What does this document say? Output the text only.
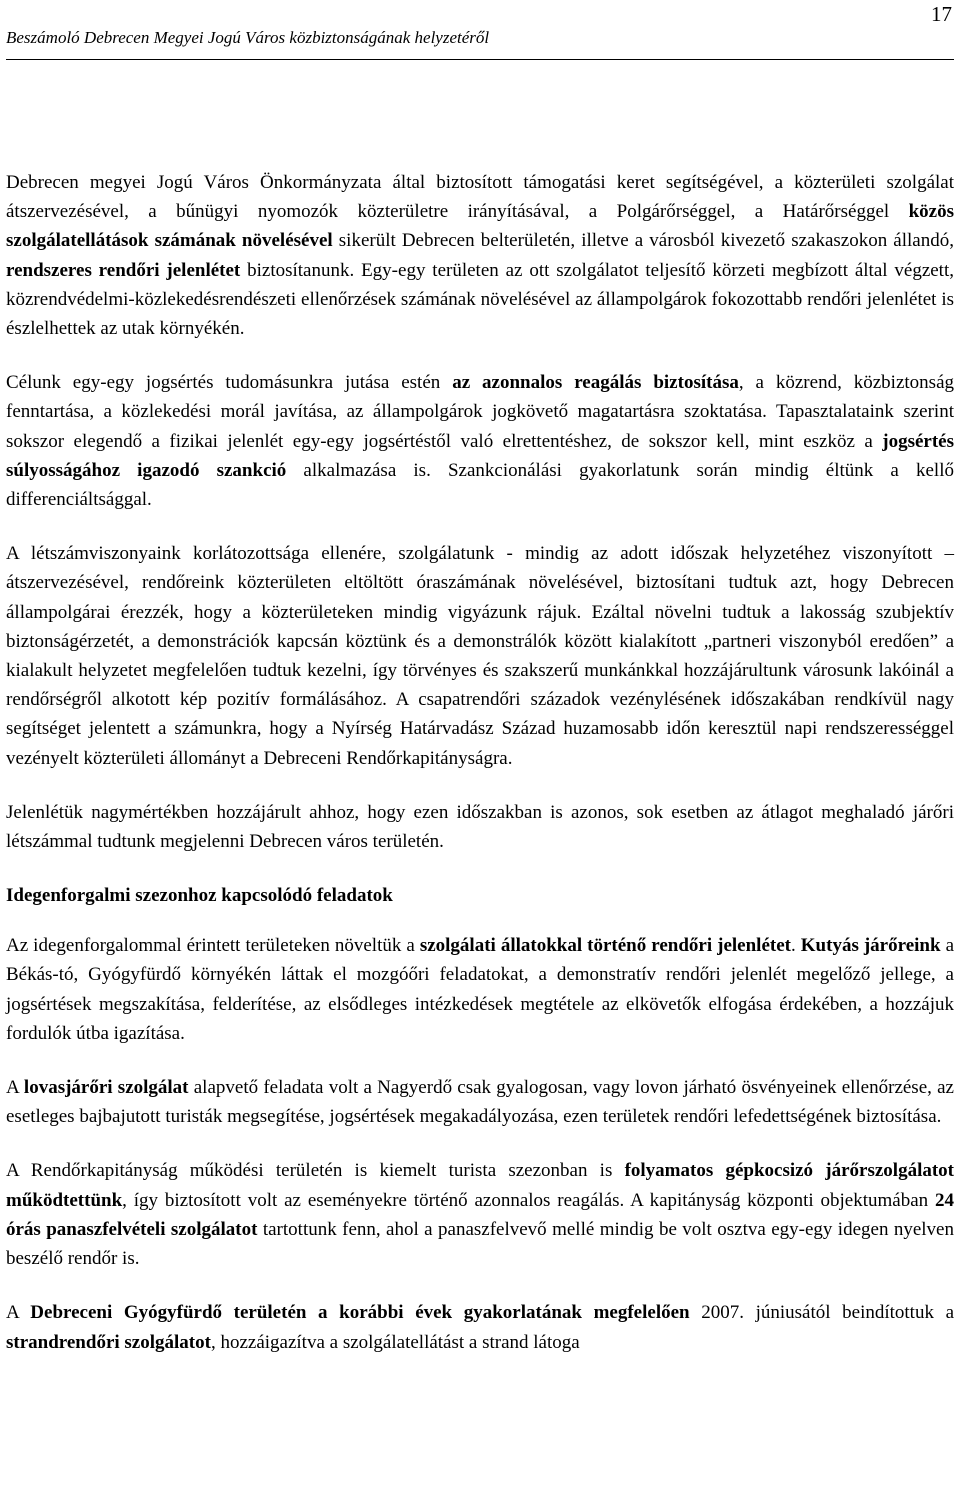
17
Beszámoló Debrecen Megyei Jogú Város közbiztonságának helyzetéről

Debrecen megyei Jogú Város Önkormányzata által biztosított támogatási keret segítségével, a közterületi szolgálat átszervezésével, a bűnügyi nyomozók közterületre irányításával, a Polgárőrséggel, a Határőrséggel közös szolgálatellátások számának növelésével sikerült Debrecen belterületén, illetve a városból kivezető szakaszokon állandó, rendszeres rendőri jelenlétet biztosítanunk. Egy-egy területen az ott szolgálatot teljesítő körzeti megbízott által végzett, közrendvédelmi-közlekedésrendészeti ellenőrzések számának növelésével az állampolgárok fokozottabb rendőri jelenlétet is észlelhettek az utak környékén.

Célunk egy-egy jogsértés tudomásunkra jutása estén az azonnalos reagálás biztosítása, a közrend, közbiztonság fenntartása, a közlekedési morál javítása, az állampolgárok jogkövető magatartásra szoktatása. Tapasztalataink szerint sokszor elegendő a fizikai jelenlét egy-egy jogsértéstől való elrettentéshez, de sokszor kell, mint eszköz a jogsértés súlyosságához igazodó szankció alkalmazása is. Szankcionálási gyakorlatunk során mindig éltünk a kellő differenciáltsággal.

A létszámviszonyaink korlátozottsága ellenére, szolgálatunk - mindig az adott időszak helyzetéhez viszonyított – átszervezésével, rendőreink közterületen eltöltött óraszámának növelésével, biztosítani tudtuk azt, hogy Debrecen állampolgárai érezzék, hogy a közterületeken mindig vigyázunk rájuk. Ezáltal növelni tudtuk a lakosság szubjektív biztonságérzetét, a demonstrációk kapcsán köztünk és a demonstrálók között kialakított „partneri viszonyból eredően” a kialakult helyzetet megfelelően tudtuk kezelni, így törvényes és szakszerű munkánkkal hozzájárultunk városunk lakóinál a rendőrségről alkotott kép pozitív formálásához. A csapatrendőri századok vezénylésének időszakában rendkívül nagy segítséget jelentett a számunkra, hogy a Nyírség Határvadász Század huzamosabb időn keresztül napi rendszerességgel vezényelt közterületi állományt a Debreceni Rendőrkapitányságra.

Jelenlétük nagymértékben hozzájárult ahhoz, hogy ezen időszakban is azonos, sok esetben az átlagot meghaladó járőri létszámmal tudtunk megjelenni Debrecen város területén.

Idegenforgalmi szezonhoz kapcsolódó feladatok

Az idegenforgalommal érintett területeken növeltük a szolgálati állatokkal történő rendőri jelenlétet. Kutyás járőreink a Békás-tó, Gyógyfürdő környékén láttak el mozgóőri feladatokat, a demonstratív rendőri jelenlét megelőző jellege, a jogsértések megszakítása, felderítése, az elsődleges intézkedések megtétele az elkövetők elfogása érdekében, a hozzájuk fordulók útba igazítása.

A lovasjárőri szolgálat alapvető feladata volt a Nagyerdő csak gyalogosan, vagy lovon járható ösvényeinek ellenőrzése, az esetleges bajbajutott turisták megsegítése, jogsértések megakadályozása, ezen területek rendőri lefedettségének biztosítása.

A Rendőrkapitányság működési területén is kiemelt turista szezonban is folyamatos gépkocsizó járőrszolgálatot működtettünk, így biztosított volt az eseményekre történő azonnalos reagálás. A kapitányság központi objektumában 24 órás panaszfelvételi szolgálatot tartottunk fenn, ahol a panaszfelvevő mellé mindig be volt osztva egy-egy idegen nyelven beszélő rendőr is.

A Debreceni Gyógyfürdő területén a korábbi évek gyakorlatának megfelelően 2007. júniusától beindítottuk a strandrendőri szolgálatot, hozzáigazítva a szolgálatellátást a strand látoga
